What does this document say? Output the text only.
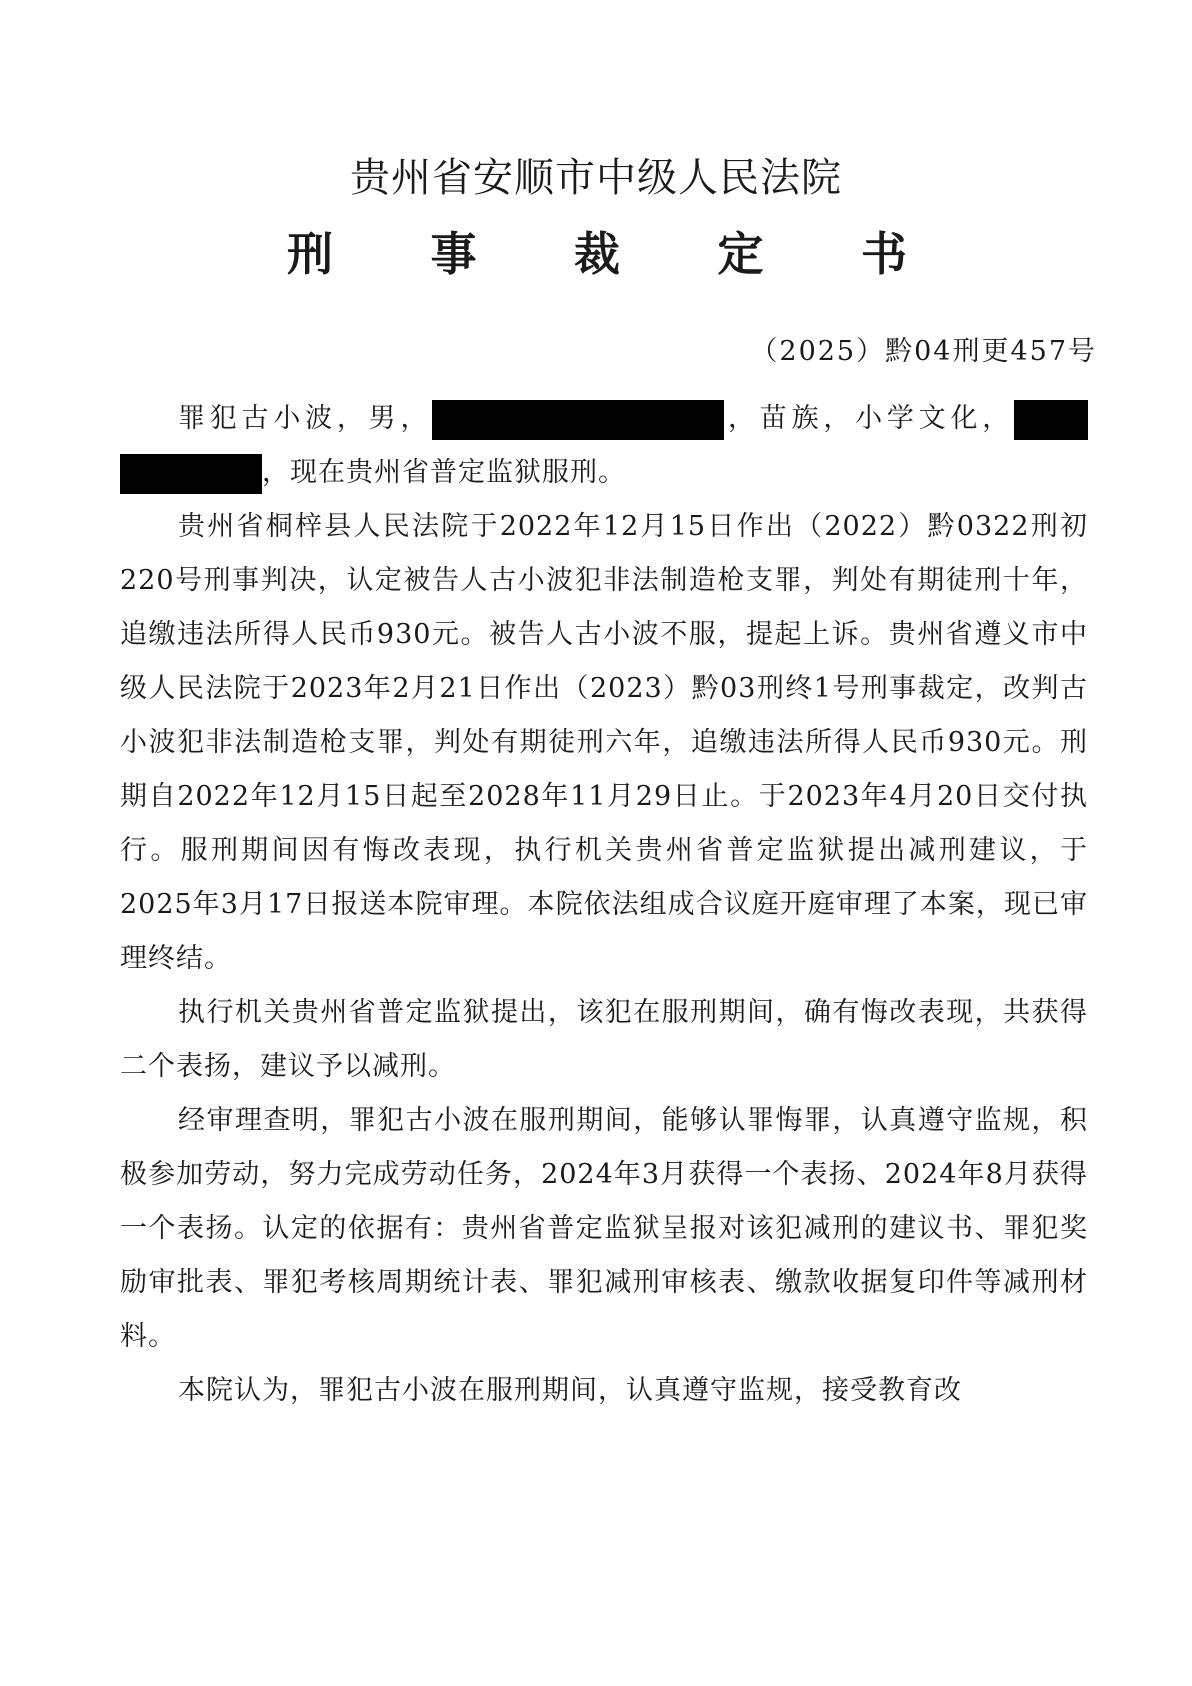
贵州省安顺市中级人民法院
刑 事 裁 定 书
（2025）黔04刑更457号

罪犯古小波，男，	，苗族，小学文化，，现在贵州省普定监狱服刑。

贵州省桐梓县人民法院于2022年12月15日作出（2022）黔0322刑初220号刑事判决，认定被告人古小波犯非法制造枪支罪，判处有期徒刑十年，追缴违法所得人民币930元。被告人古小波不服，提起上诉。贵州省遵义市中级人民法院于2023年2月21日作出（2023）黔03刑终1号刑事裁定，改判古小波犯非法制造枪支罪，判处有期徒刑六年，追缴违法所得人民币930元。刑期自2022年12月15日起至2028年11月29日止。于2023年4月20日交付执行。服刑期间因有悔改表现，执行机关贵州省普定监狱提出减刑建议，于2025年3月17日报送本院审理。本院依法组成合议庭开庭审理了本案，现已审理终结。

执行机关贵州省普定监狱提出，该犯在服刑期间，确有悔改表现，共获得二个表扬，建议予以减刑。

经审理查明，罪犯古小波在服刑期间，能够认罪悔罪，认真遵守监规，积极参加劳动，努力完成劳动任务，2024年3月获得一个表扬、2024年8月获得一个表扬。认定的依据有：贵州省普定监狱呈报对该犯减刑的建议书、罪犯奖励审批表、罪犯考核周期统计表、罪犯减刑审核表、缴款收据复印件等减刑材料。

本院认为，罪犯古小波在服刑期间，认真遵守监规，接受教育改
